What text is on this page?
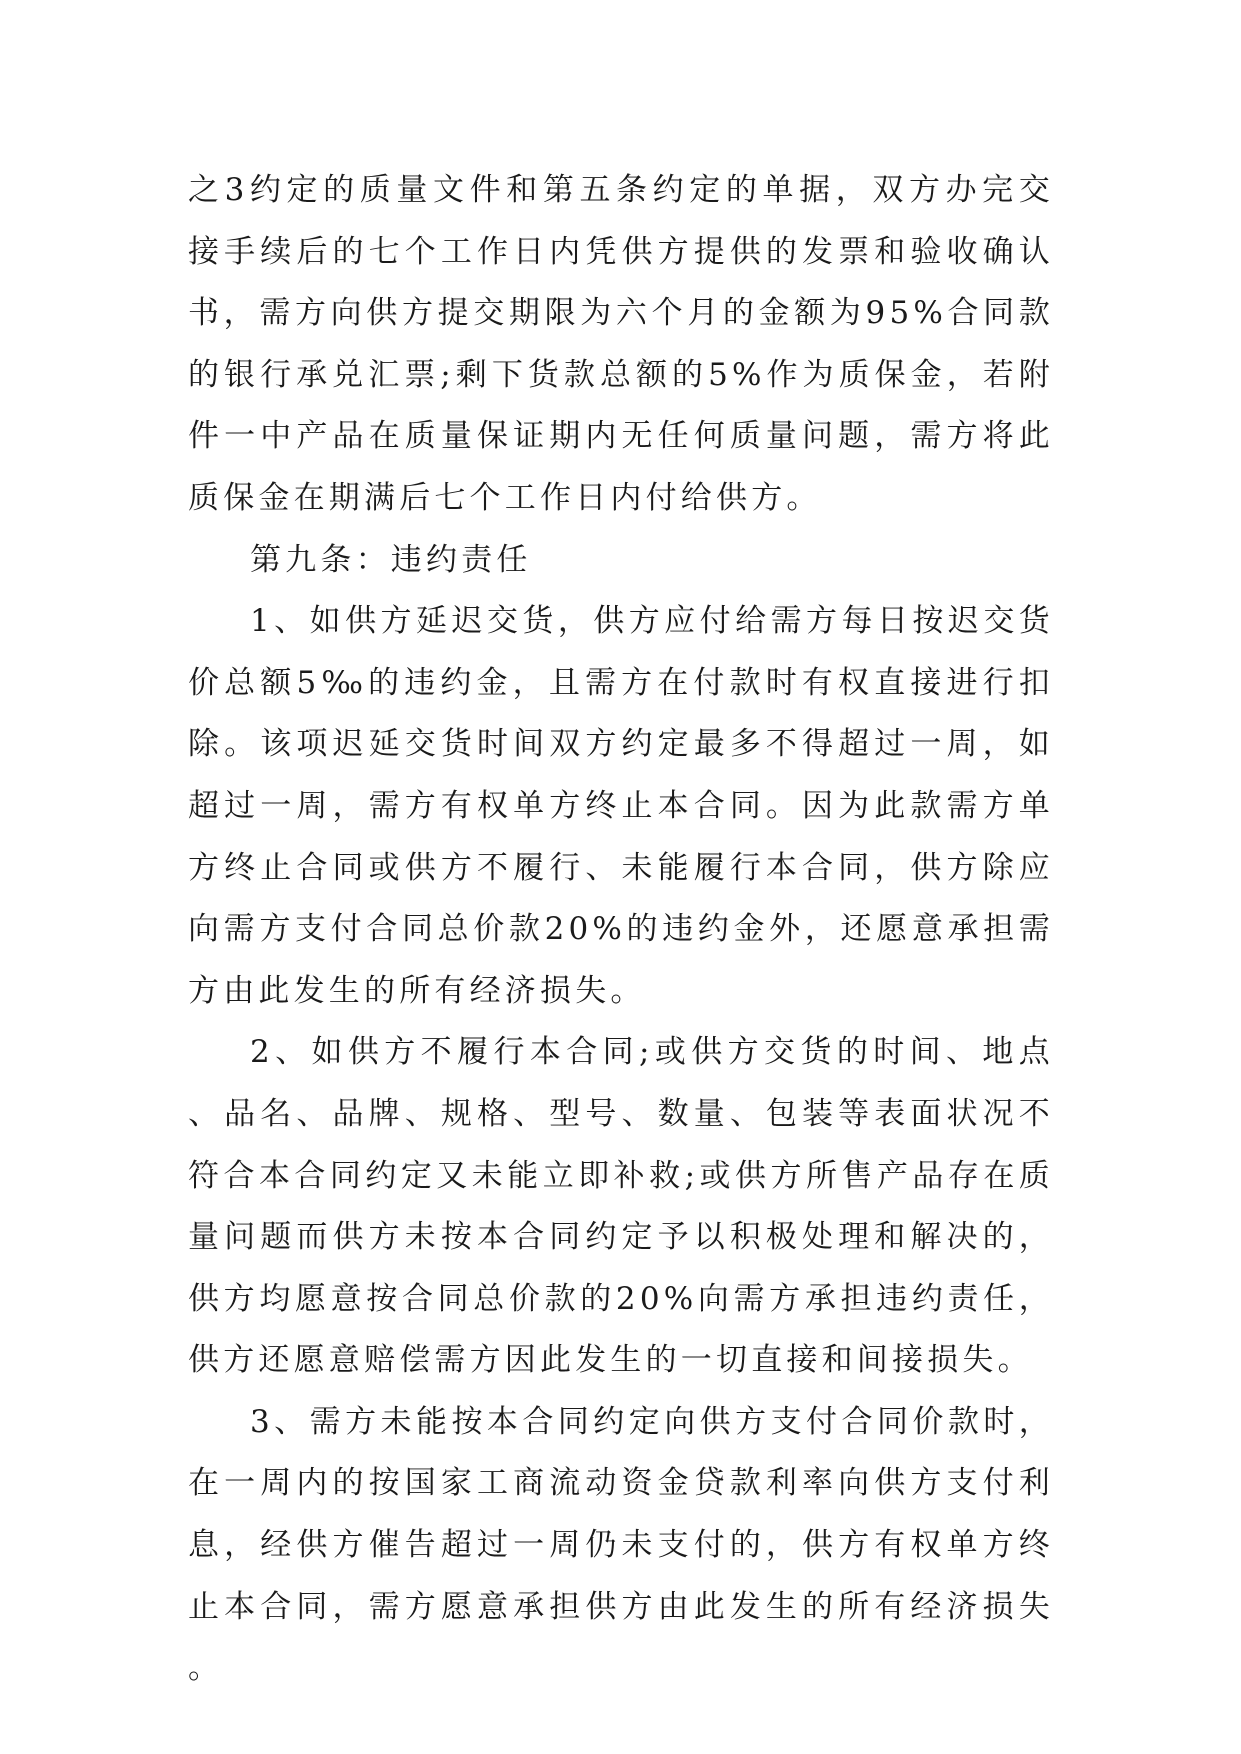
之3约定的质量文件和第五条约定的单据，双方办完交接手续后的七个工作日内凭供方提供的发票和验收确认书，需方向供方提交期限为六个月的金额为95%合同款的银行承兑汇票;剩下货款总额的5%作为质保金，若附件一中产品在质量保证期内无任何质量问题，需方将此质保金在期满后七个工作日内付给供方。

第九条：违约责任

1、如供方延迟交货，供方应付给需方每日按迟交货价总额5‰的违约金，且需方在付款时有权直接进行扣除。该项迟延交货时间双方约定最多不得超过一周，如超过一周，需方有权单方终止本合同。因为此款需方单方终止合同或供方不履行、未能履行本合同，供方除应向需方支付合同总价款20%的违约金外，还愿意承担需方由此发生的所有经济损失。

2、如供方不履行本合同;或供方交货的时间、地点、品名、品牌、规格、型号、数量、包装等表面状况不符合本合同约定又未能立即补救;或供方所售产品存在质量问题而供方未按本合同约定予以积极处理和解决的，供方均愿意按合同总价款的20%向需方承担违约责任，供方还愿意赔偿需方因此发生的一切直接和间接损失。

3、需方未能按本合同约定向供方支付合同价款时，在一周内的按国家工商流动资金贷款利率向供方支付利息，经供方催告超过一周仍未支付的，供方有权单方终止本合同，需方愿意承担供方由此发生的所有经济损失。
